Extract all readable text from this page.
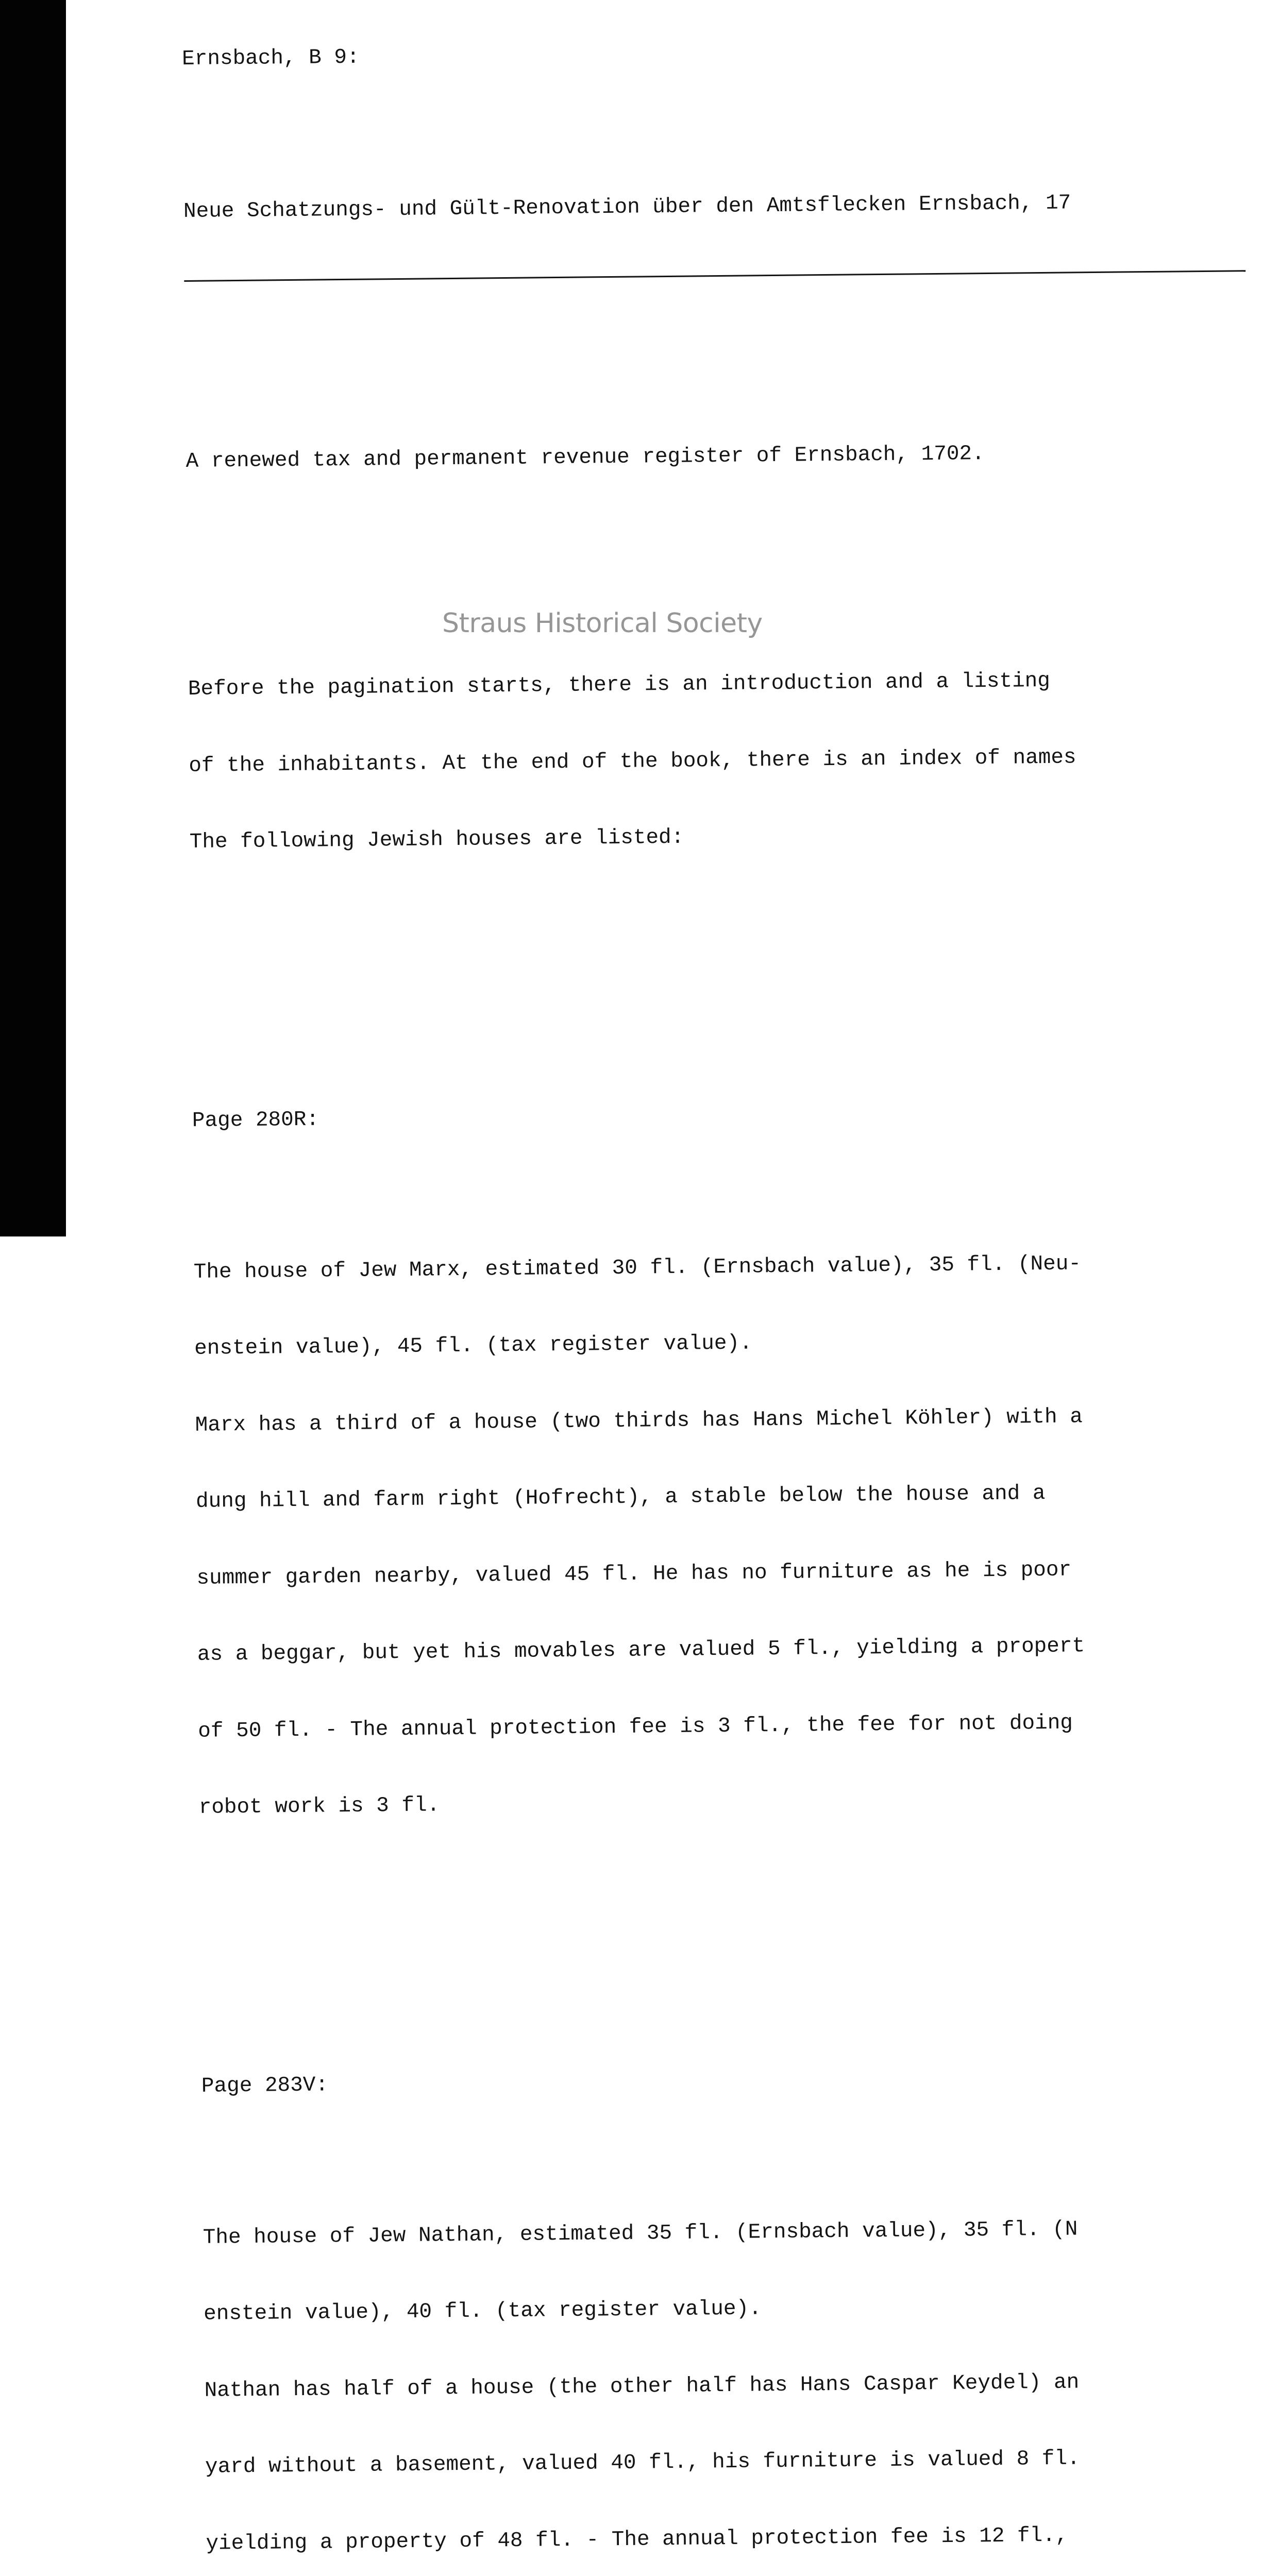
Ernsbach, B 9:

Neue Schatzungs- und Gült-Renovation über den Amtsflecken Ernsbach, 17

A renewed tax and permanent revenue register of Ernsbach, 1702.

Before the pagination starts, there is an introduction and a listing

of the inhabitants. At the end of the book, there is an index of names

The following Jewish houses are listed:

Page 280R:

The house of Jew Marx, estimated 30 fl. (Ernsbach value), 35 fl. (Neu-

enstein value), 45 fl. (tax register value).

Marx has a third of a house (two thirds has Hans Michel Köhler) with a

dung hill and farm right (Hofrecht), a stable below the house and a

summer garden nearby, valued 45 fl. He has no furniture as he is poor

as a beggar, but yet his movables are valued 5 fl., yielding a propert

of 50 fl. - The annual protection fee is 3 fl., the fee for not doing

robot work is 3 fl.

Page 283V:

The house of Jew Nathan, estimated 35 fl. (Ernsbach value), 35 fl. (N

enstein value), 40 fl. (tax register value).

Nathan has half of a house (the other half has Hans Caspar Keydel) an

yard without a basement, valued 40 fl., his furniture is valued 8 fl.

yielding a property of 48 fl. - The annual protection fee is 12 fl.,

Straus Historical Society
